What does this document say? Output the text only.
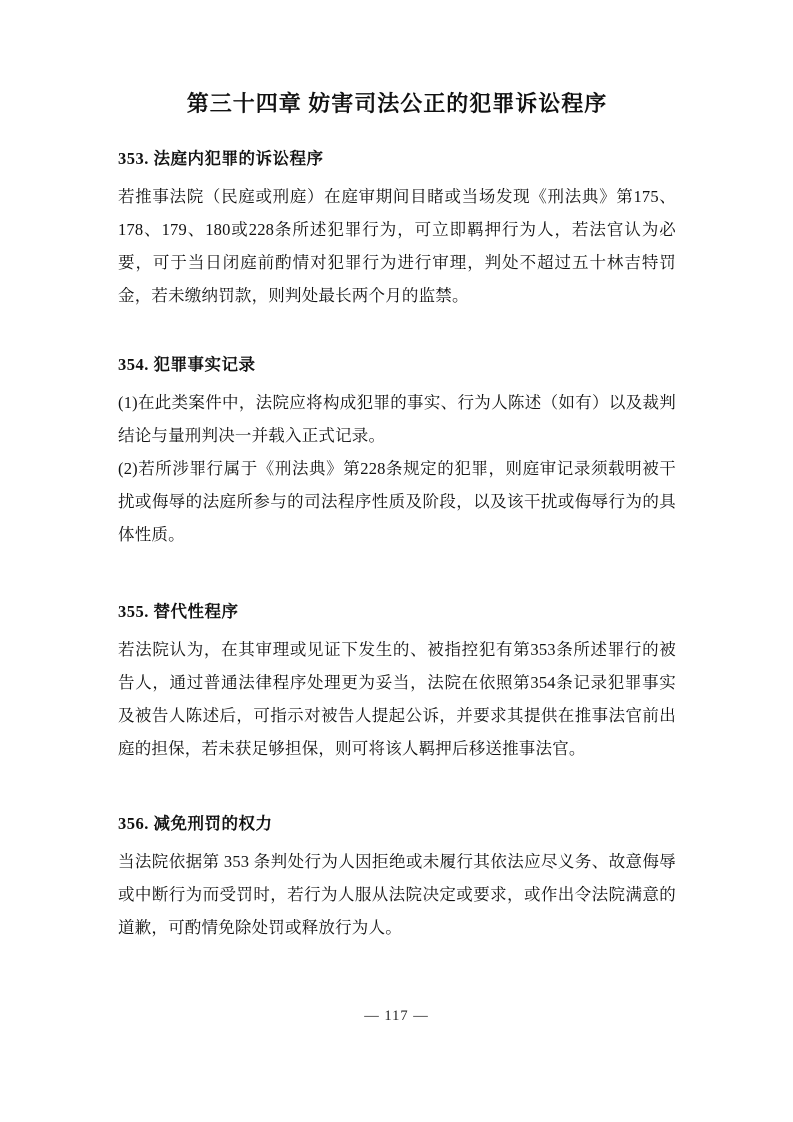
第三十四章 妨害司法公正的犯罪诉讼程序
353. 法庭内犯罪的诉讼程序

若推事法院（民庭或刑庭）在庭审期间目睹或当场发现《刑法典》第175、178、179、180或228条所述犯罪行为，可立即羁押行为人，若法官认为必要，可于当日闭庭前酌情对犯罪行为进行审理，判处不超过五十林吉特罚金，若未缴纳罚款，则判处最长两个月的监禁。

354. 犯罪事实记录

(1)在此类案件中，法院应将构成犯罪的事实、行为人陈述（如有）以及裁判结论与量刑判决一并载入正式记录。

(2)若所涉罪行属于《刑法典》第228条规定的犯罪，则庭审记录须载明被干扰或侮辱的法庭所参与的司法程序性质及阶段，以及该干扰或侮辱行为的具体性质。

355. 替代性程序

若法院认为，在其审理或见证下发生的、被指控犯有第353条所述罪行的被告人，通过普通法律程序处理更为妥当，法院在依照第354条记录犯罪事实及被告人陈述后，可指示对被告人提起公诉，并要求其提供在推事法官前出庭的担保，若未获足够担保，则可将该人羁押后移送推事法官。

356. 减免刑罚的权力

当法院依据第 353 条判处行为人因拒绝或未履行其依法应尽义务、故意侮辱或中断行为而受罚时，若行为人服从法院决定或要求，或作出令法院满意的道歉，可酌情免除处罚或释放行为人。

— 117 —
